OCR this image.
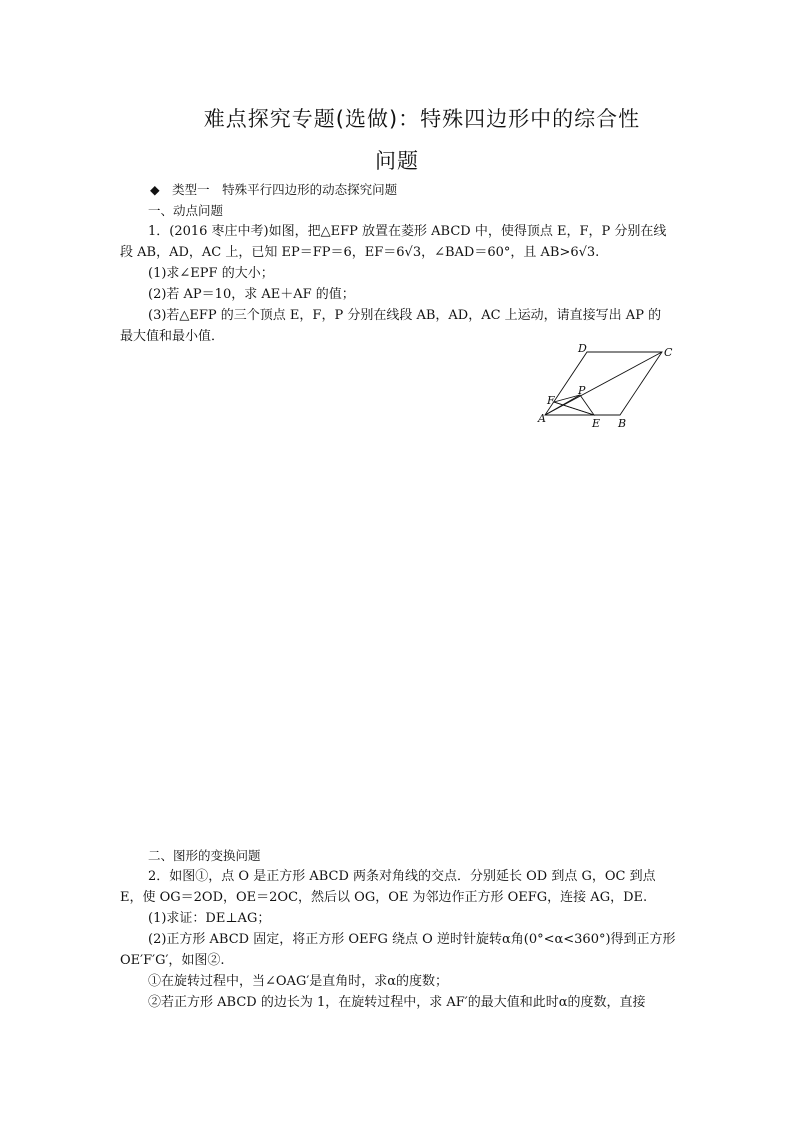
难点探究专题(选做)：特殊四边形中的综合性
问题
◆　类型一　特殊平行四边形的动态探究问题
一、动点问题
1．(2016 枣庄中考)如图，把△EFP 放置在菱形 ABCD 中，使得顶点 E，F，P 分别在线
段 AB，AD，AC 上，已知 EP＝FP＝6，EF＝6√3，∠BAD＝60°，且 AB>6√3.
(1)求∠EPF 的大小；
(2)若 AP＝10，求 AE＋AF 的值；
(3)若△EFP 的三个顶点 E，F，P 分别在线段 AB，AD，AC 上运动，请直接写出 AP 的
最大值和最小值．
D	C
P
F
A	E B
二、图形的变换问题
2．如图①，点 O 是正方形 ABCD 两条对角线的交点．分别延长 OD 到点 G，OC 到点
E，使 OG＝2OD，OE＝2OC，然后以 OG，OE 为邻边作正方形 OEFG，连接 AG，DE.
(1)求证：DE⊥AG；
(2)正方形 ABCD 固定，将正方形 OEFG 绕点 O 逆时针旋转α角(0°<α<360°)得到正方形
OE′F′G′，如图②.
①在旋转过程中，当∠OAG′是直角时，求α的度数；
②若正方形 ABCD 的边长为 1，在旋转过程中，求 AF′的最大值和此时α的度数，直接
